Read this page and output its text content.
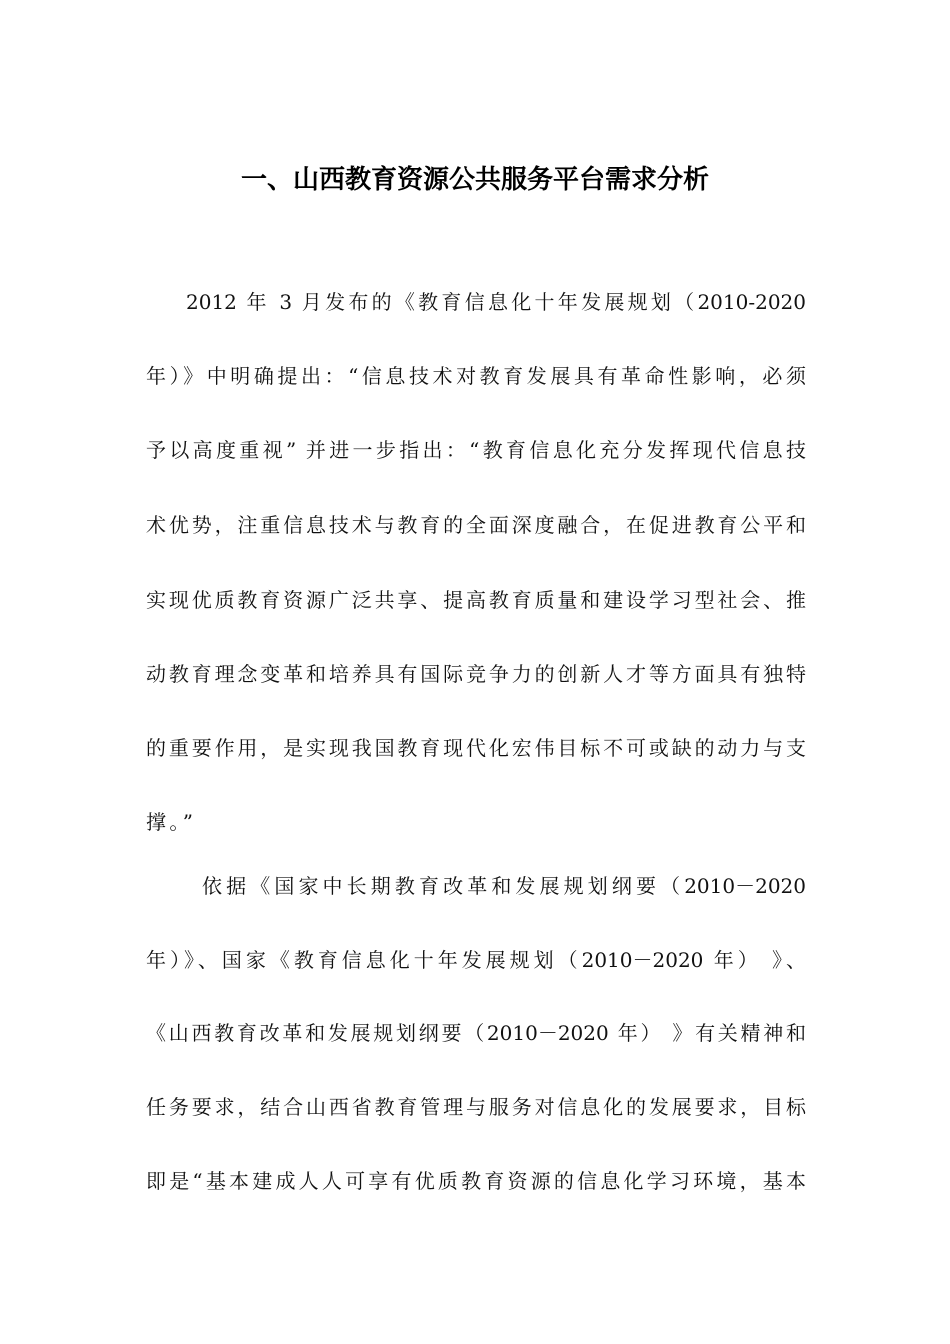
一、山西教育资源公共服务平台需求分析
2012 年 3 月发布的《教育信息化十年发展规划（2010-2020
年）》中明确提出：“信息技术对教育发展具有革命性影响，必须
予以高度重视” 并进一步指出：“教育信息化充分发挥现代信息技
术优势，注重信息技术与教育的全面深度融合，在促进教育公平和
实现优质教育资源广泛共享、提高教育质量和建设学习型社会、推
动教育理念变革和培养具有国际竞争力的创新人才等方面具有独特
的重要作用，是实现我国教育现代化宏伟目标不可或缺的动力与支
撑。”
依据《国家中长期教育改革和发展规划纲要（2010－2020
年）》、国家《教育信息化十年发展规划（2010－2020 年） 》、
《山西教育改革和发展规划纲要（2010－2020 年） 》有关精神和
任务要求，结合山西省教育管理与服务对信息化的发展要求，目标
即是“基本建成人人可享有优质教育资源的信息化学习环境，基本
